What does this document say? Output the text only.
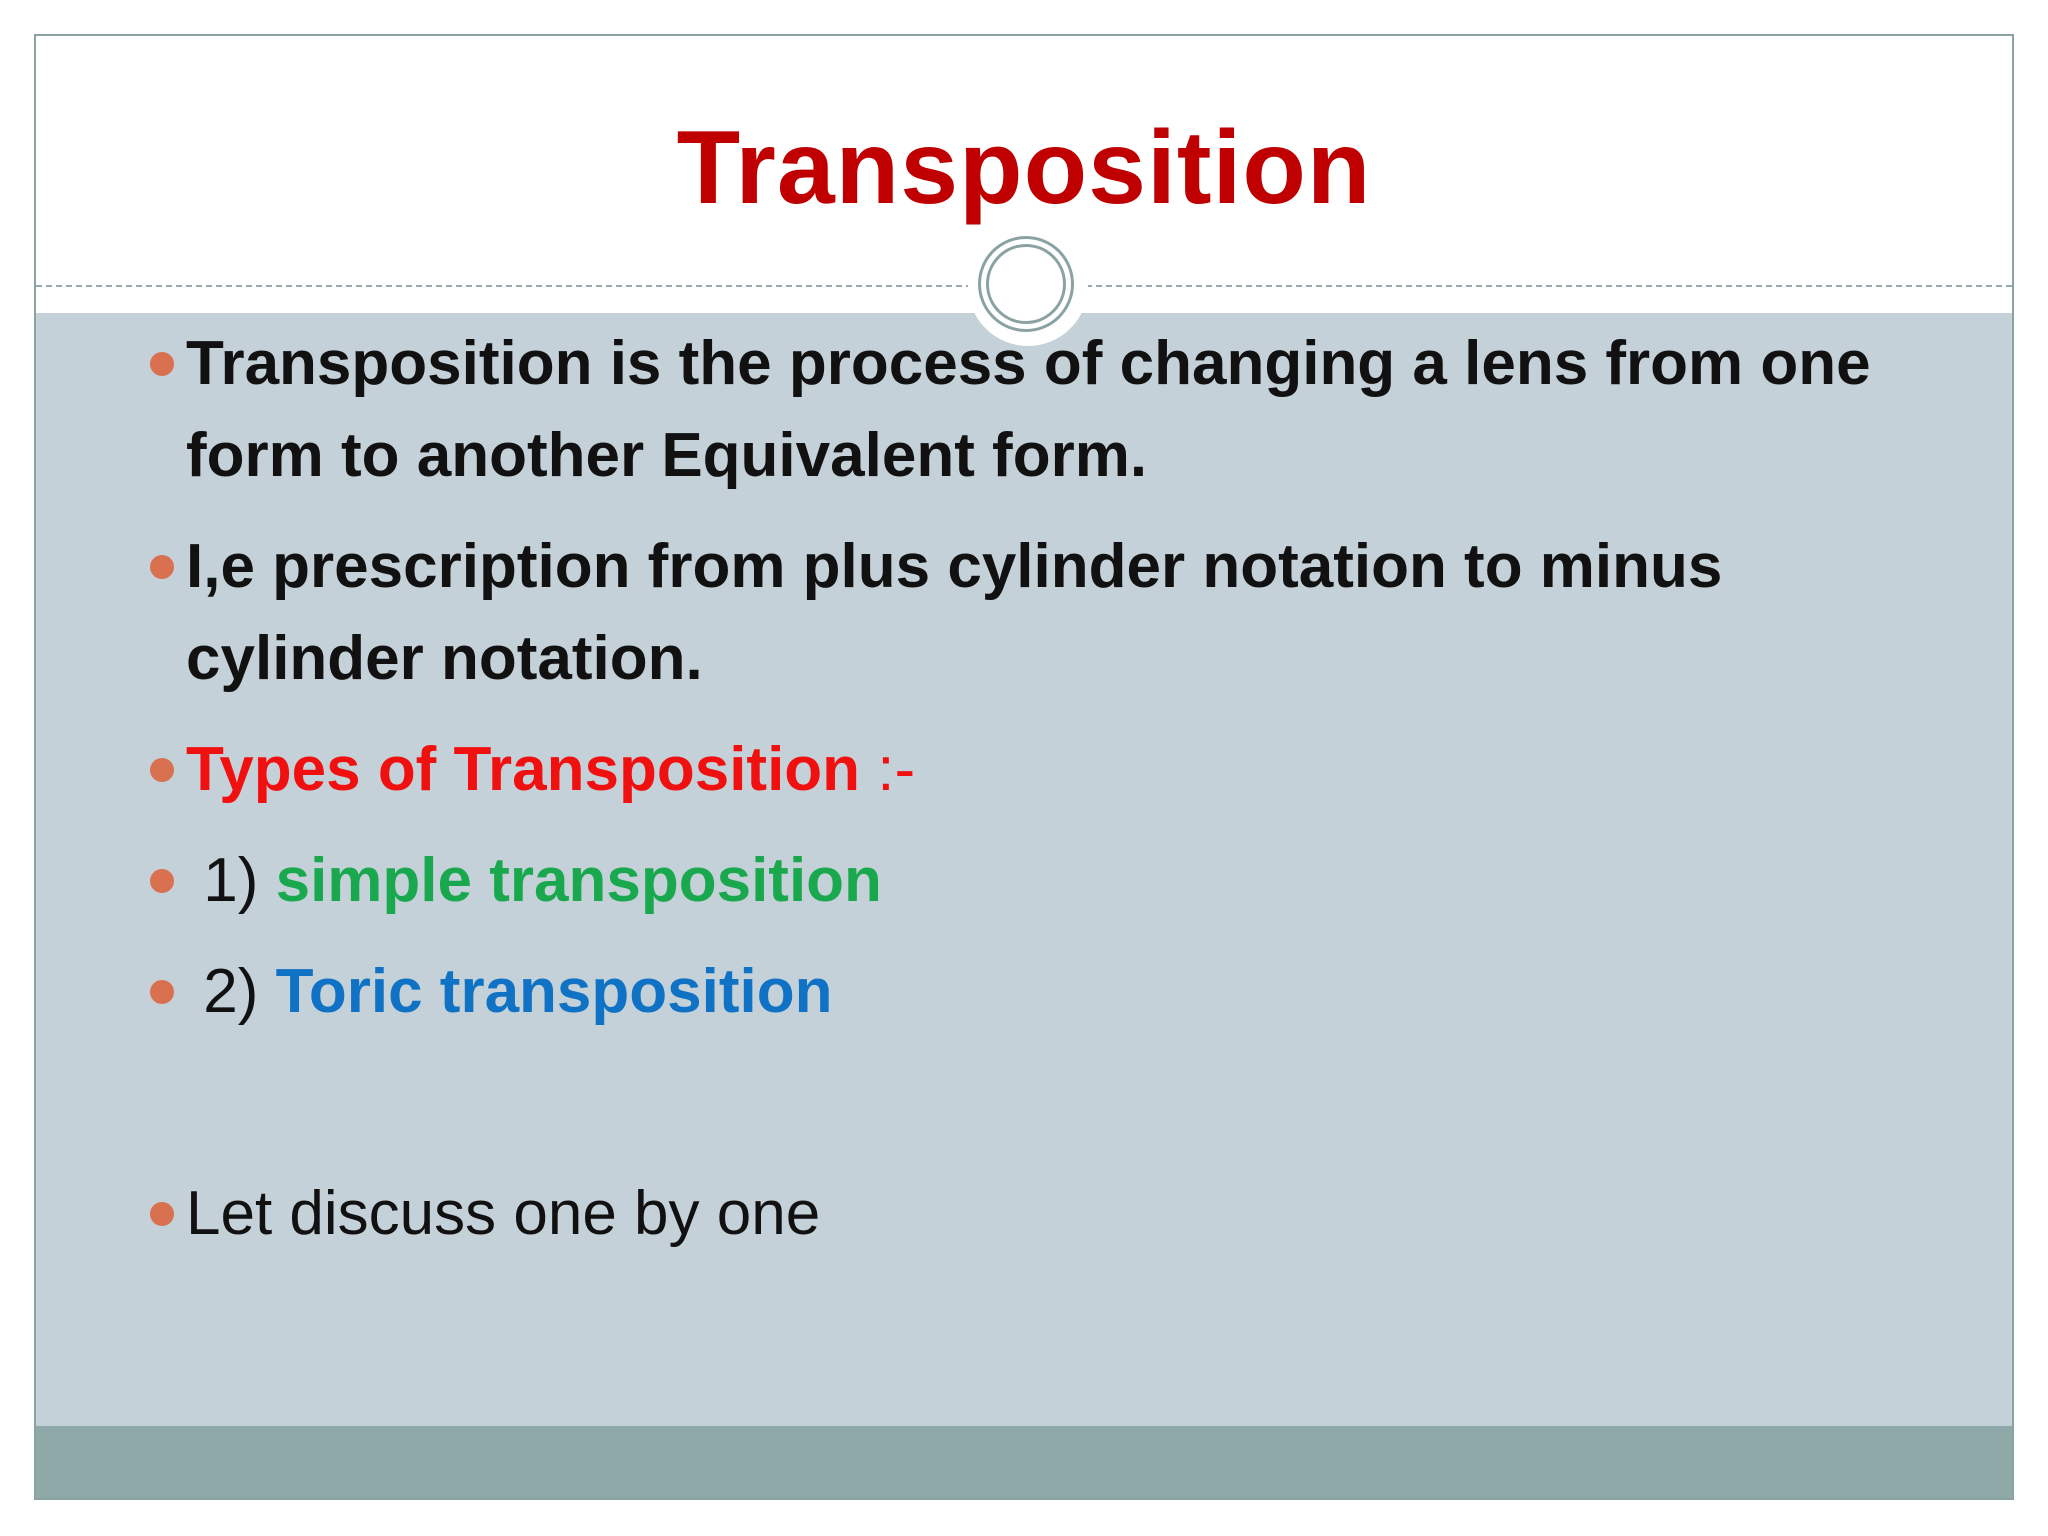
Transposition
Transposition is the process of changing a lens from one form to another Equivalent form.
I,e prescription from plus cylinder notation to minus cylinder notation.
Types of Transposition :-
1) simple transposition
2) Toric transposition
Let discuss one by one
